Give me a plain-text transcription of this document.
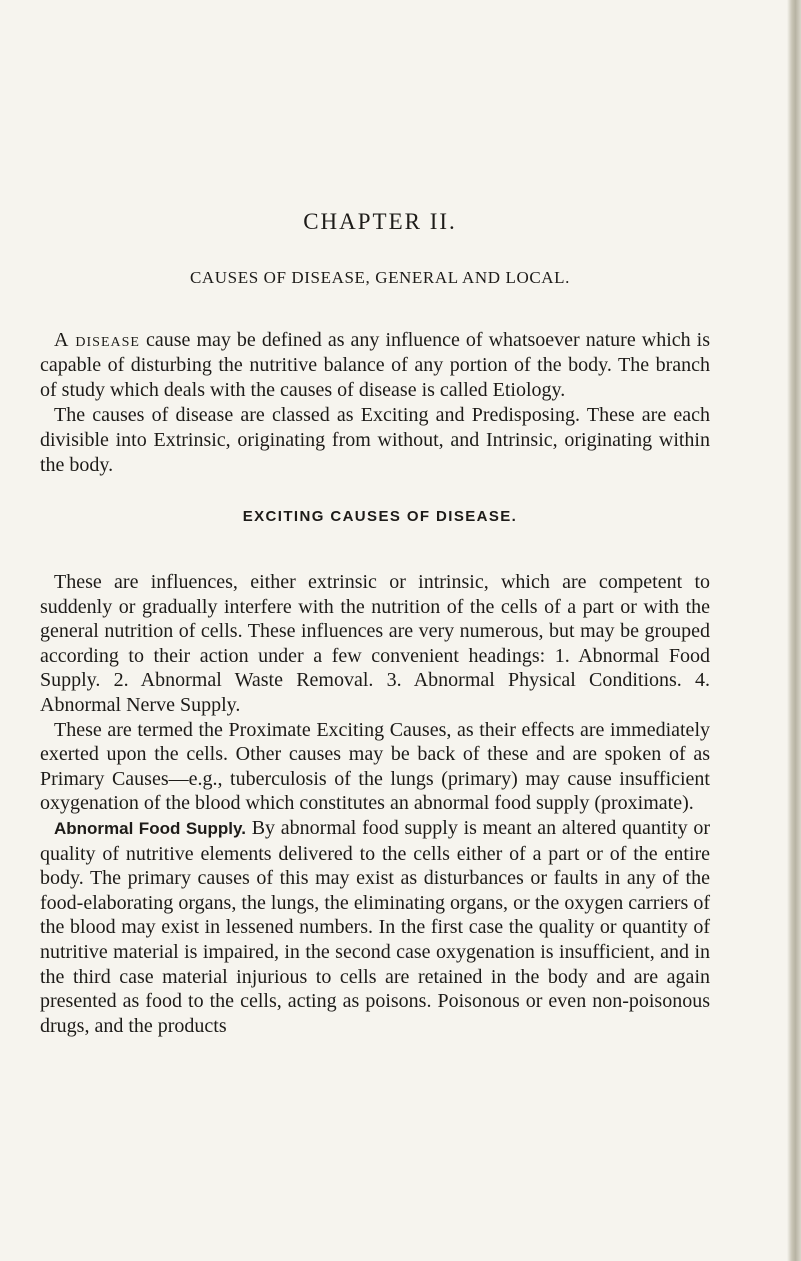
CHAPTER II.
CAUSES OF DISEASE, GENERAL AND LOCAL.

A disease cause may be defined as any influence of whatsoever nature which is capable of disturbing the nutritive balance of any portion of the body. The branch of study which deals with the causes of disease is called Etiology.

The causes of disease are classed as Exciting and Predisposing. These are each divisible into Extrinsic, originating from without, and Intrinsic, originating within the body.

EXCITING CAUSES OF DISEASE.

These are influences, either extrinsic or intrinsic, which are competent to suddenly or gradually interfere with the nutrition of the cells of a part or with the general nutrition of cells. These influences are very numerous, but may be grouped according to their action under a few convenient headings: 1. Abnormal Food Supply. 2. Abnormal Waste Removal. 3. Abnormal Physical Conditions. 4. Abnormal Nerve Supply.

These are termed the Proximate Exciting Causes, as their effects are immediately exerted upon the cells. Other causes may be back of these and are spoken of as Primary Causes—e.g., tuberculosis of the lungs (primary) may cause insufficient oxygenation of the blood which constitutes an abnormal food supply (proximate).

Abnormal Food Supply. By abnormal food supply is meant an altered quantity or quality of nutritive elements delivered to the cells either of a part or of the entire body. The primary causes of this may exist as disturbances or faults in any of the food-elaborating organs, the lungs, the eliminating organs, or the oxygen carriers of the blood may exist in lessened numbers. In the first case the quality or quantity of nutritive material is impaired, in the second case oxygenation is insufficient, and in the third case material injurious to cells are retained in the body and are again presented as food to the cells, acting as poisons. Poisonous or even non-poisonous drugs, and the products
